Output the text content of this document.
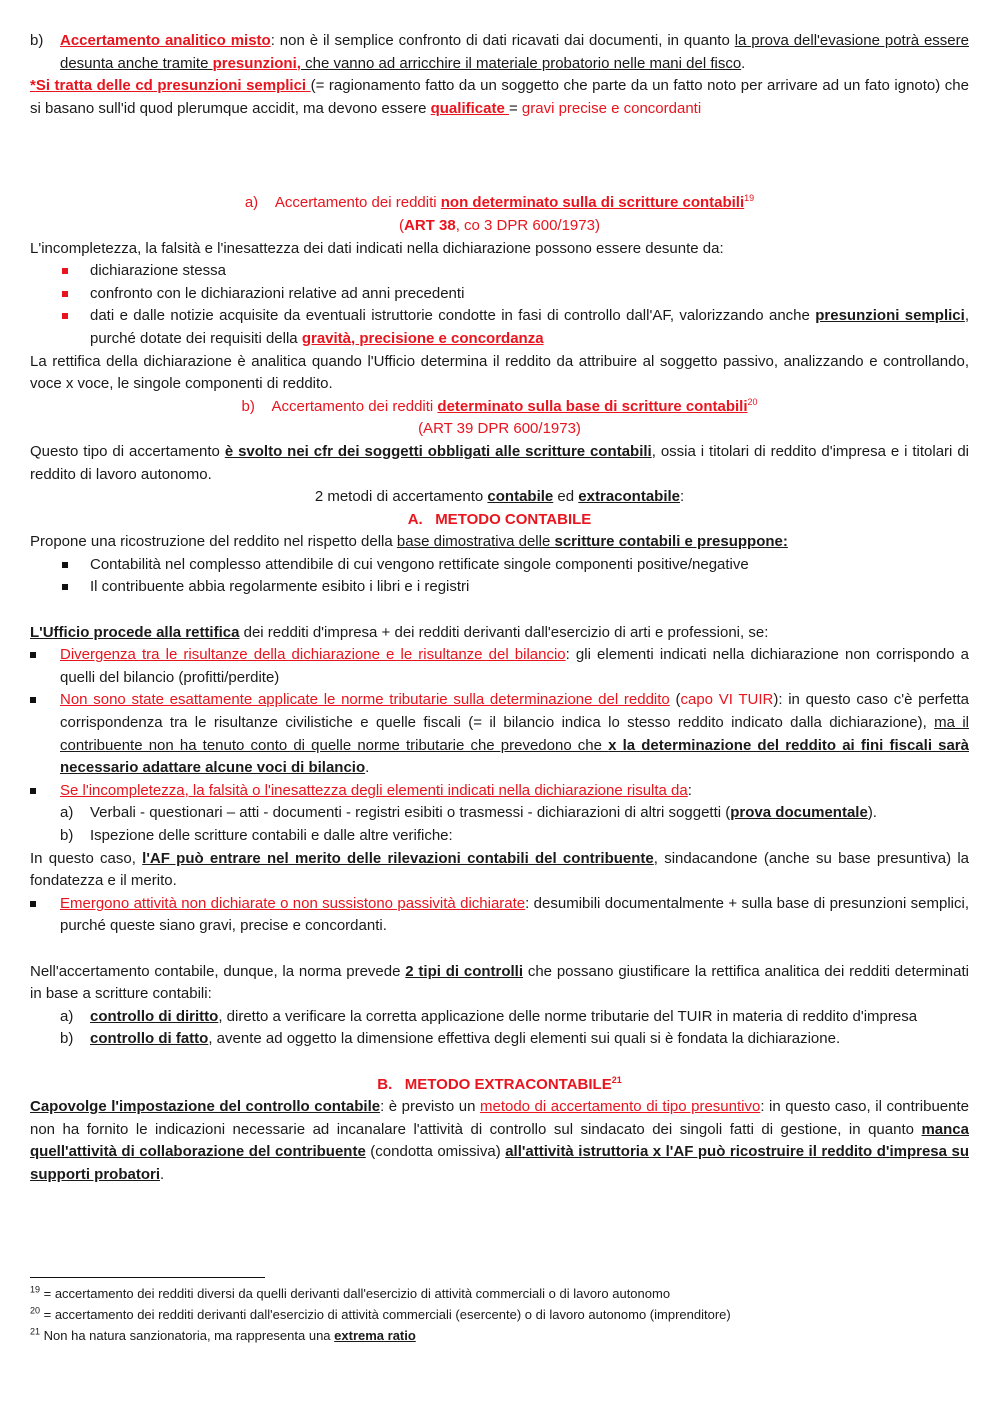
b)	Accertamento analitico misto: non è il semplice confronto di dati ricavati dai documenti, in quanto la prova dell'evasione potrà essere desunta anche tramite presunzioni, che vanno ad arricchire il materiale probatorio nelle mani del fisco.

*Si tratta delle cd presunzioni semplici (= ragionamento fatto da un soggetto che parte da un fatto noto per arrivare ad un fato ignoto) che si basano sull'id quod plerumque accidit, ma devono essere qualificate = gravi precise e concordanti

a) Accertamento dei redditi non determinato sulla di scritture contabili$^{19}$

(ART 38, co 3 DPR 600/1973)

L'incompletezza, la falsità e l'inesattezza dei dati indicati nella dichiarazione possono essere desunte da:

dichiarazione stessa
confronto con le dichiarazioni relative ad anni precedenti
dati e dalle notizie acquisite da eventuali istruttorie condotte in fasi di controllo dall'AF, valorizzando anche presunzioni semplici, purché dotate dei requisiti della gravità, precisione e concordanza

La rettifica della dichiarazione è analitica quando l'Ufficio determina il reddito da attribuire al soggetto passivo, analizzando e controllando, voce x voce, le singole componenti di reddito.

b) Accertamento dei redditi determinato sulla base di scritture contabili$^{20}$

(ART 39 DPR 600/1973)

Questo tipo di accertamento è svolto nei cfr dei soggetti obbligati alle scritture contabili, ossia i titolari di reddito d'impresa e i titolari di reddito di lavoro autonomo.

2 metodi di accertamento contabile ed extracontabile:

A.   METODO CONTABILE

Propone una ricostruzione del reddito nel rispetto della base dimostrativa delle scritture contabili e presuppone:

Contabilità nel complesso attendibile di cui vengono rettificate singole componenti positive/negative
Il contribuente abbia regolarmente esibito i libri e i registri

L'Ufficio procede alla rettifica dei redditi d'impresa + dei redditi derivanti dall'esercizio di arti e professioni, se:

Divergenza tra le risultanze della dichiarazione e le risultanze del bilancio: gli elementi indicati nella dichiarazione non corrispondo a quelli del bilancio (profitti/perdite)
Non sono state esattamente applicate le norme tributarie sulla determinazione del reddito (capo VI TUIR): in questo caso c'è perfetta corrispondenza tra le risultanze civilistiche e quelle fiscali (= il bilancio indica lo stesso reddito indicato dalla dichiarazione), ma il contribuente non ha tenuto conto di quelle norme tributarie che prevedono che x la determinazione del reddito ai fini fiscali sarà necessario adattare alcune voci di bilancio.
Se l'incompletezza, la falsità o l'inesattezza degli elementi indicati nella dichiarazione risulta da:
a)	Verbali - questionari – atti - documenti - registri esibiti o trasmessi - dichiarazioni di altri soggetti (prova documentale).
b)	Ispezione delle scritture contabili e dalle altre verifiche:

In questo caso, l'AF può entrare nel merito delle rilevazioni contabili del contribuente, sindacandone (anche su base presuntiva) la fondatezza e il merito.

Emergono attività non dichiarate o non sussistono passività dichiarate: desumibili documentalmente + sulla base di presunzioni semplici, purché queste siano gravi, precise e concordanti.

Nell'accertamento contabile, dunque, la norma prevede 2 tipi di controlli che possano giustificare la rettifica analitica dei redditi determinati in base a scritture contabili:

a)	controllo di diritto, diretto a verificare la corretta applicazione delle norme tributarie del TUIR in materia di reddito d'impresa
b)	controllo di fatto, avente ad oggetto la dimensione effettiva degli elementi sui quali si è fondata la dichiarazione.

B.   METODO EXTRACONTABILE$^{21}$

Capovolge l'impostazione del controllo contabile: è previsto un metodo di accertamento di tipo presuntivo: in questo caso, il contribuente non ha fornito le indicazioni necessarie ad incanalare l'attività di controllo sul sindacato dei singoli fatti di gestione, in quanto manca quell'attività di collaborazione del contribuente (condotta omissiva) all'attività istruttoria x l'AF può ricostruire il reddito d'impresa su supporti probatori.

$^{19}$ = accertamento dei redditi diversi da quelli derivanti dall'esercizio di attività commerciali o di lavoro autonomo
$^{20}$ = accertamento dei redditi derivanti dall'esercizio di attività commerciali (esercente) o di lavoro autonomo (imprenditore)
$^{21}$ Non ha natura sanzionatoria, ma rappresenta una extrema ratio
